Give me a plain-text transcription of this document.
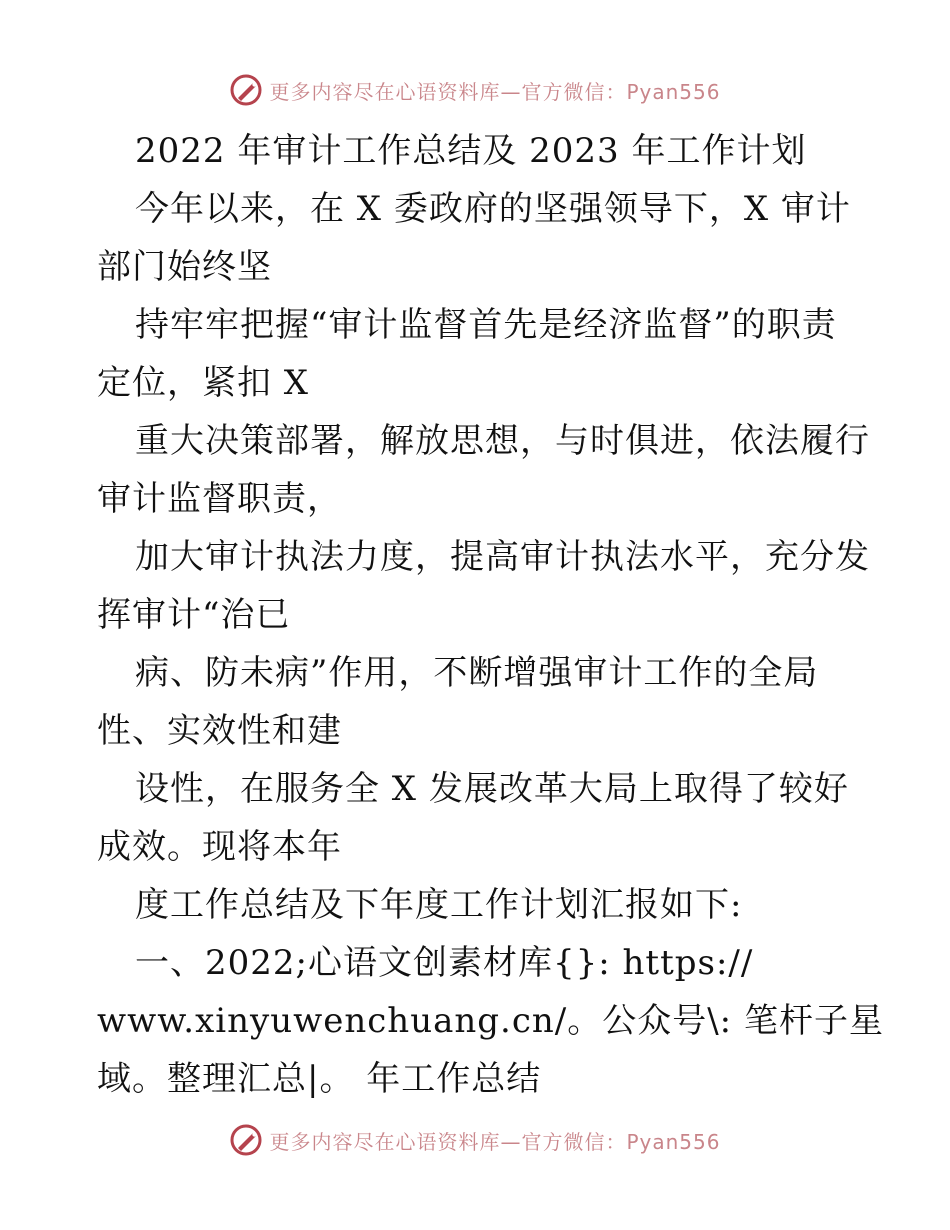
更多内容尽在心语资料库—官方微信：Pyan556
2022 年审计工作总结及 2023 年工作计划
今年以来，在 X 委政府的坚强领导下，X 审计
部门始终坚
持牢牢把握“审计监督首先是经济监督”的职责
定位，紧扣 X
重大决策部署，解放思想，与时俱进，依法履行
审计监督职责，
加大审计执法力度，提高审计执法水平，充分发
挥审计“治已
病、防未病”作用，不断增强审计工作的全局
性、实效性和建
设性，在服务全 X 发展改革大局上取得了较好
成效。现将本年
度工作总结及下年度工作计划汇报如下:
一、2022;心语文创素材库{}: https://
www.xinyuwenchuang.cn/。公众号\: 笔杆子星
域。整理汇总|。 年工作总结
更多内容尽在心语资料库—官方微信：Pyan556
